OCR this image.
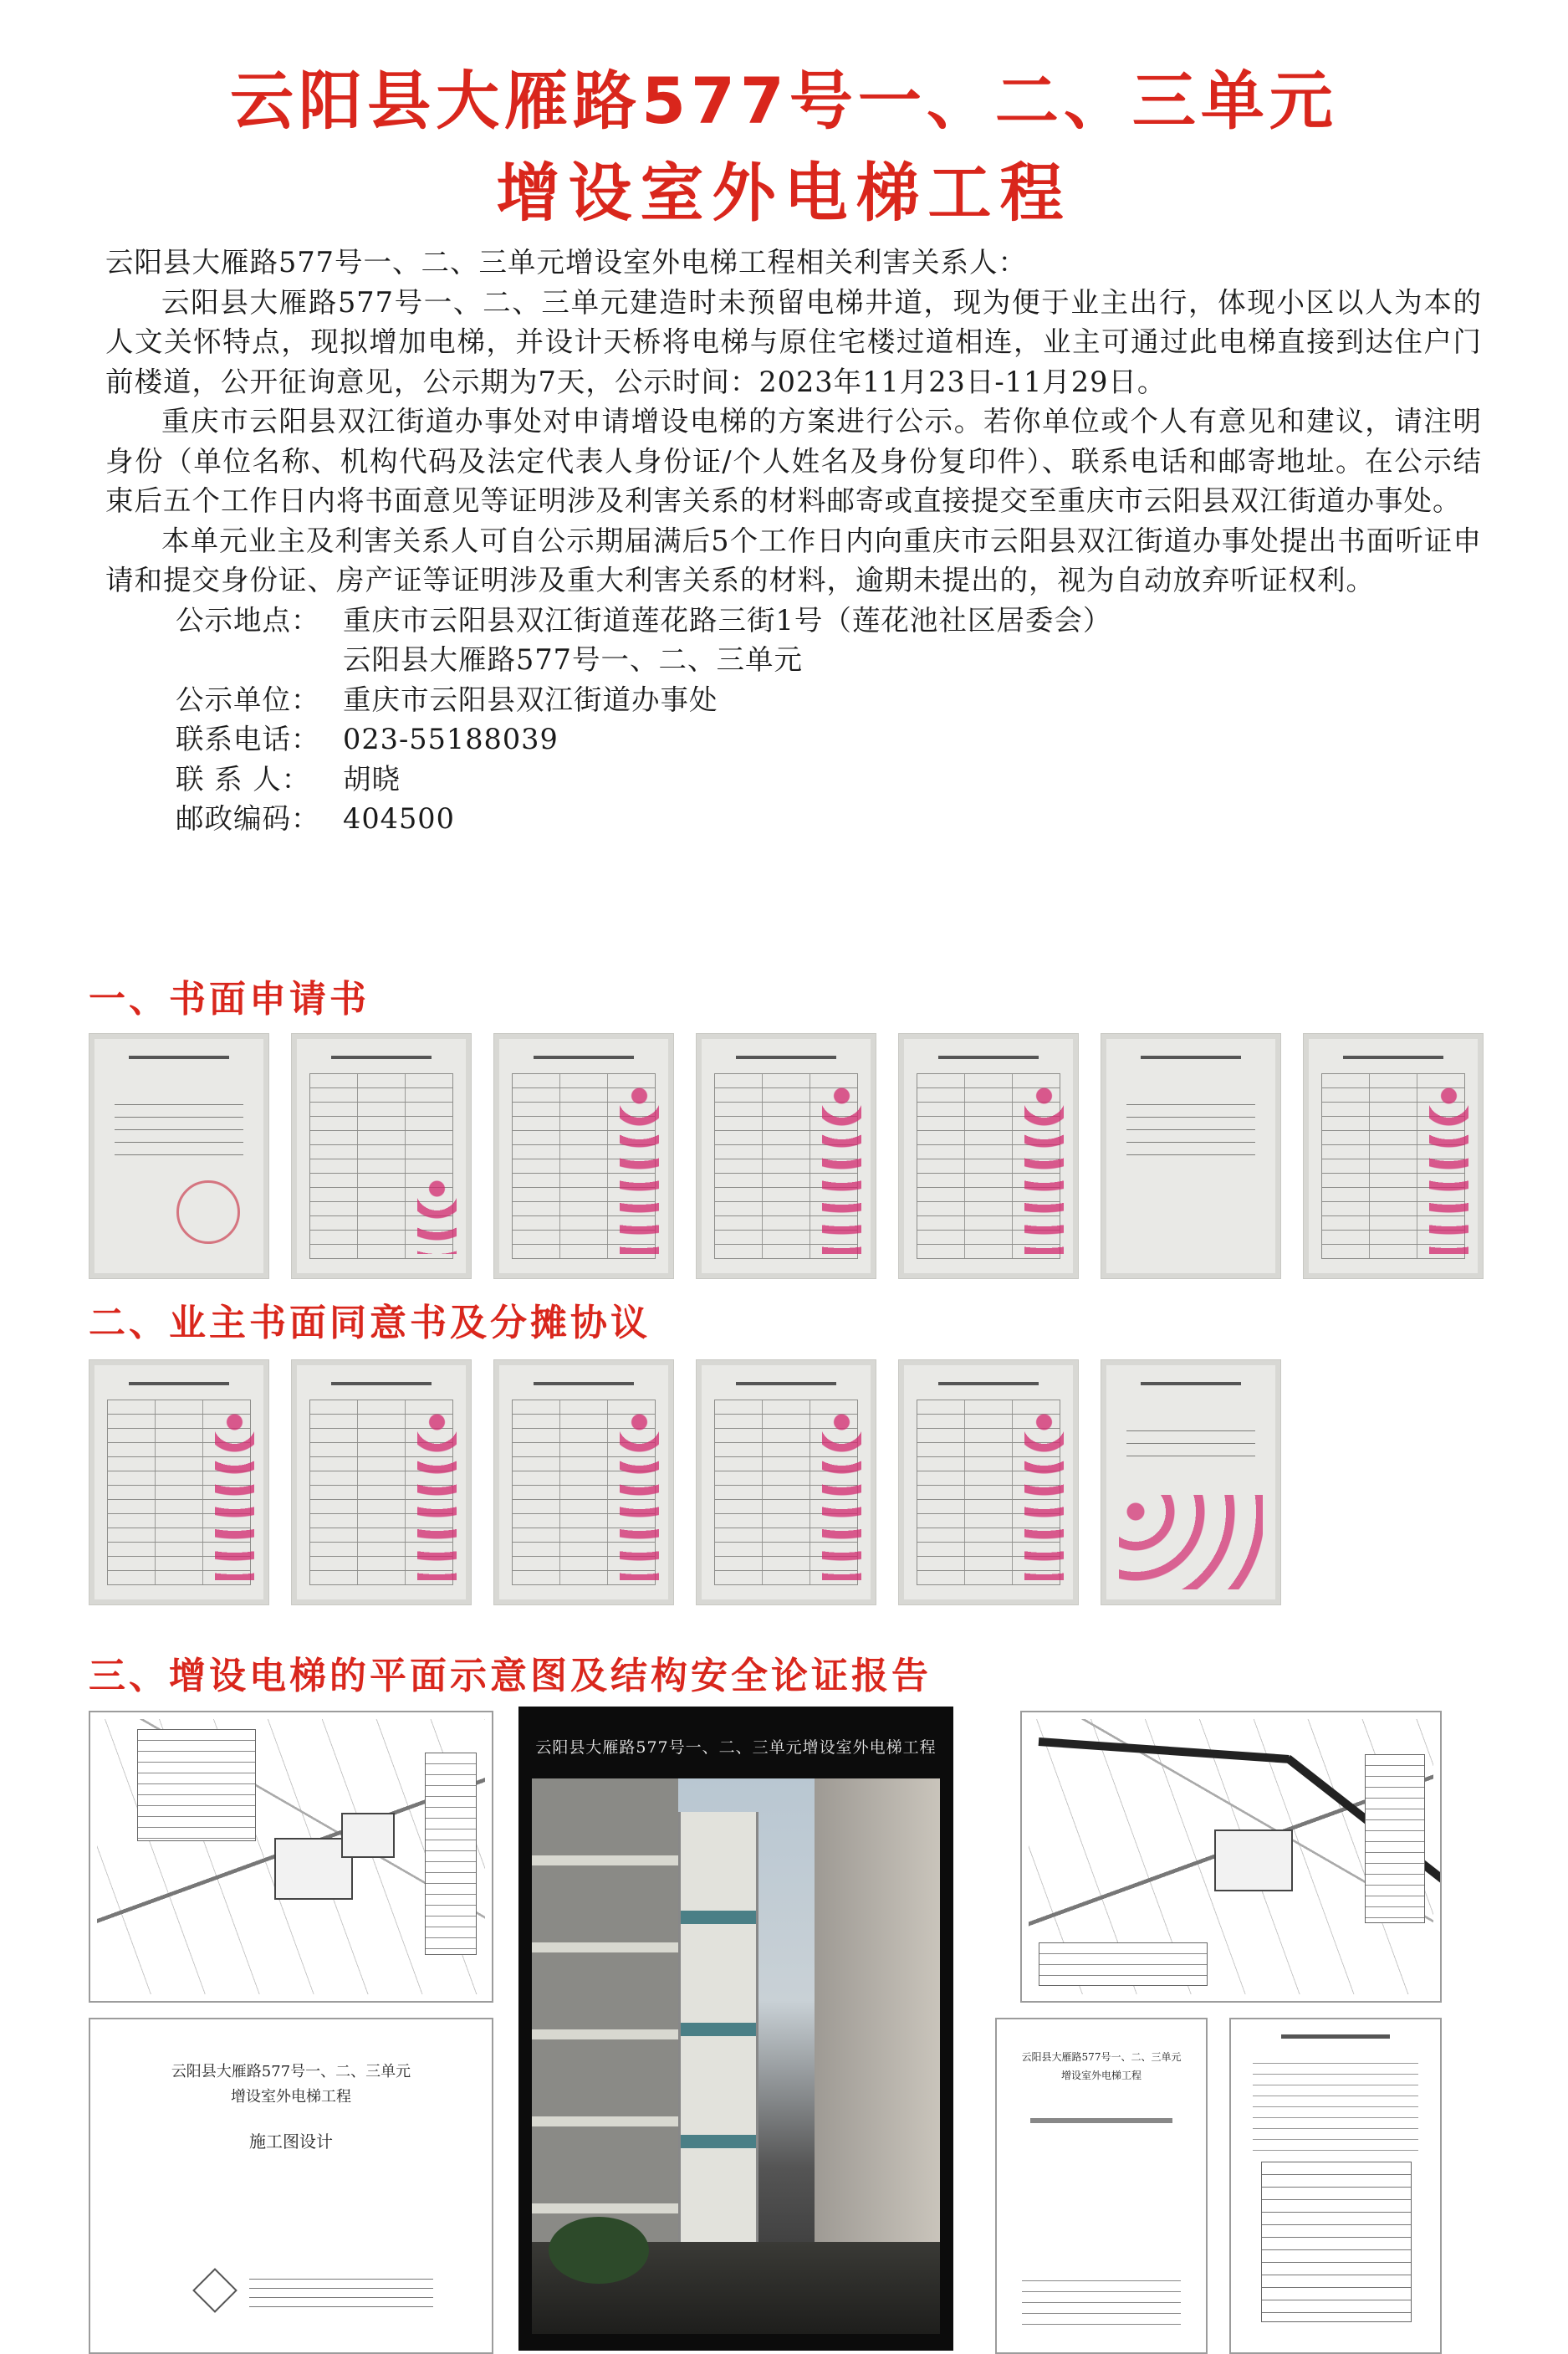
云阳县大雁路577号一、二、三单元
增设室外电梯工程

云阳县大雁路577号一、二、三单元增设室外电梯工程相关利害关系人：

云阳县大雁路577号一、二、三单元建造时未预留电梯井道，现为便于业主出行，体现小区以人为本的人文关怀特点，现拟增加电梯，并设计天桥将电梯与原住宅楼过道相连，业主可通过此电梯直接到达住户门前楼道，公开征询意见，公示期为7天，公示时间：2023年11月23日-11月29日。

重庆市云阳县双江街道办事处对申请增设电梯的方案进行公示。若你单位或个人有意见和建议，请注明身份（单位名称、机构代码及法定代表人身份证/个人姓名及身份复印件）、联系电话和邮寄地址。在公示结束后五个工作日内将书面意见等证明涉及利害关系的材料邮寄或直接提交至重庆市云阳县双江街道办事处。

本单元业主及利害关系人可自公示期届满后5个工作日内向重庆市云阳县双江街道办事处提出书面听证申请和提交身份证、房产证等证明涉及重大利害关系的材料，逾期未提出的，视为自动放弃听证权利。

公示地点： 重庆市云阳县双江街道莲花路三街1号（莲花池社区居委会）
云阳县大雁路577号一、二、三单元
公示单位： 重庆市云阳县双江街道办事处
联系电话： 023-55188039
联 系 人：	胡晓
邮政编码： 404500
一、书面申请书
二、业主书面同意书及分摊协议
三、增设电梯的平面示意图及结构安全论证报告
云阳县大雁路577号一、二、三单元
增设室外电梯工程
施工图设计
云阳县大雁路577号一、二、三单元增设室外电梯工程
云阳县大雁路577号一、二、三单元
增设室外电梯工程
